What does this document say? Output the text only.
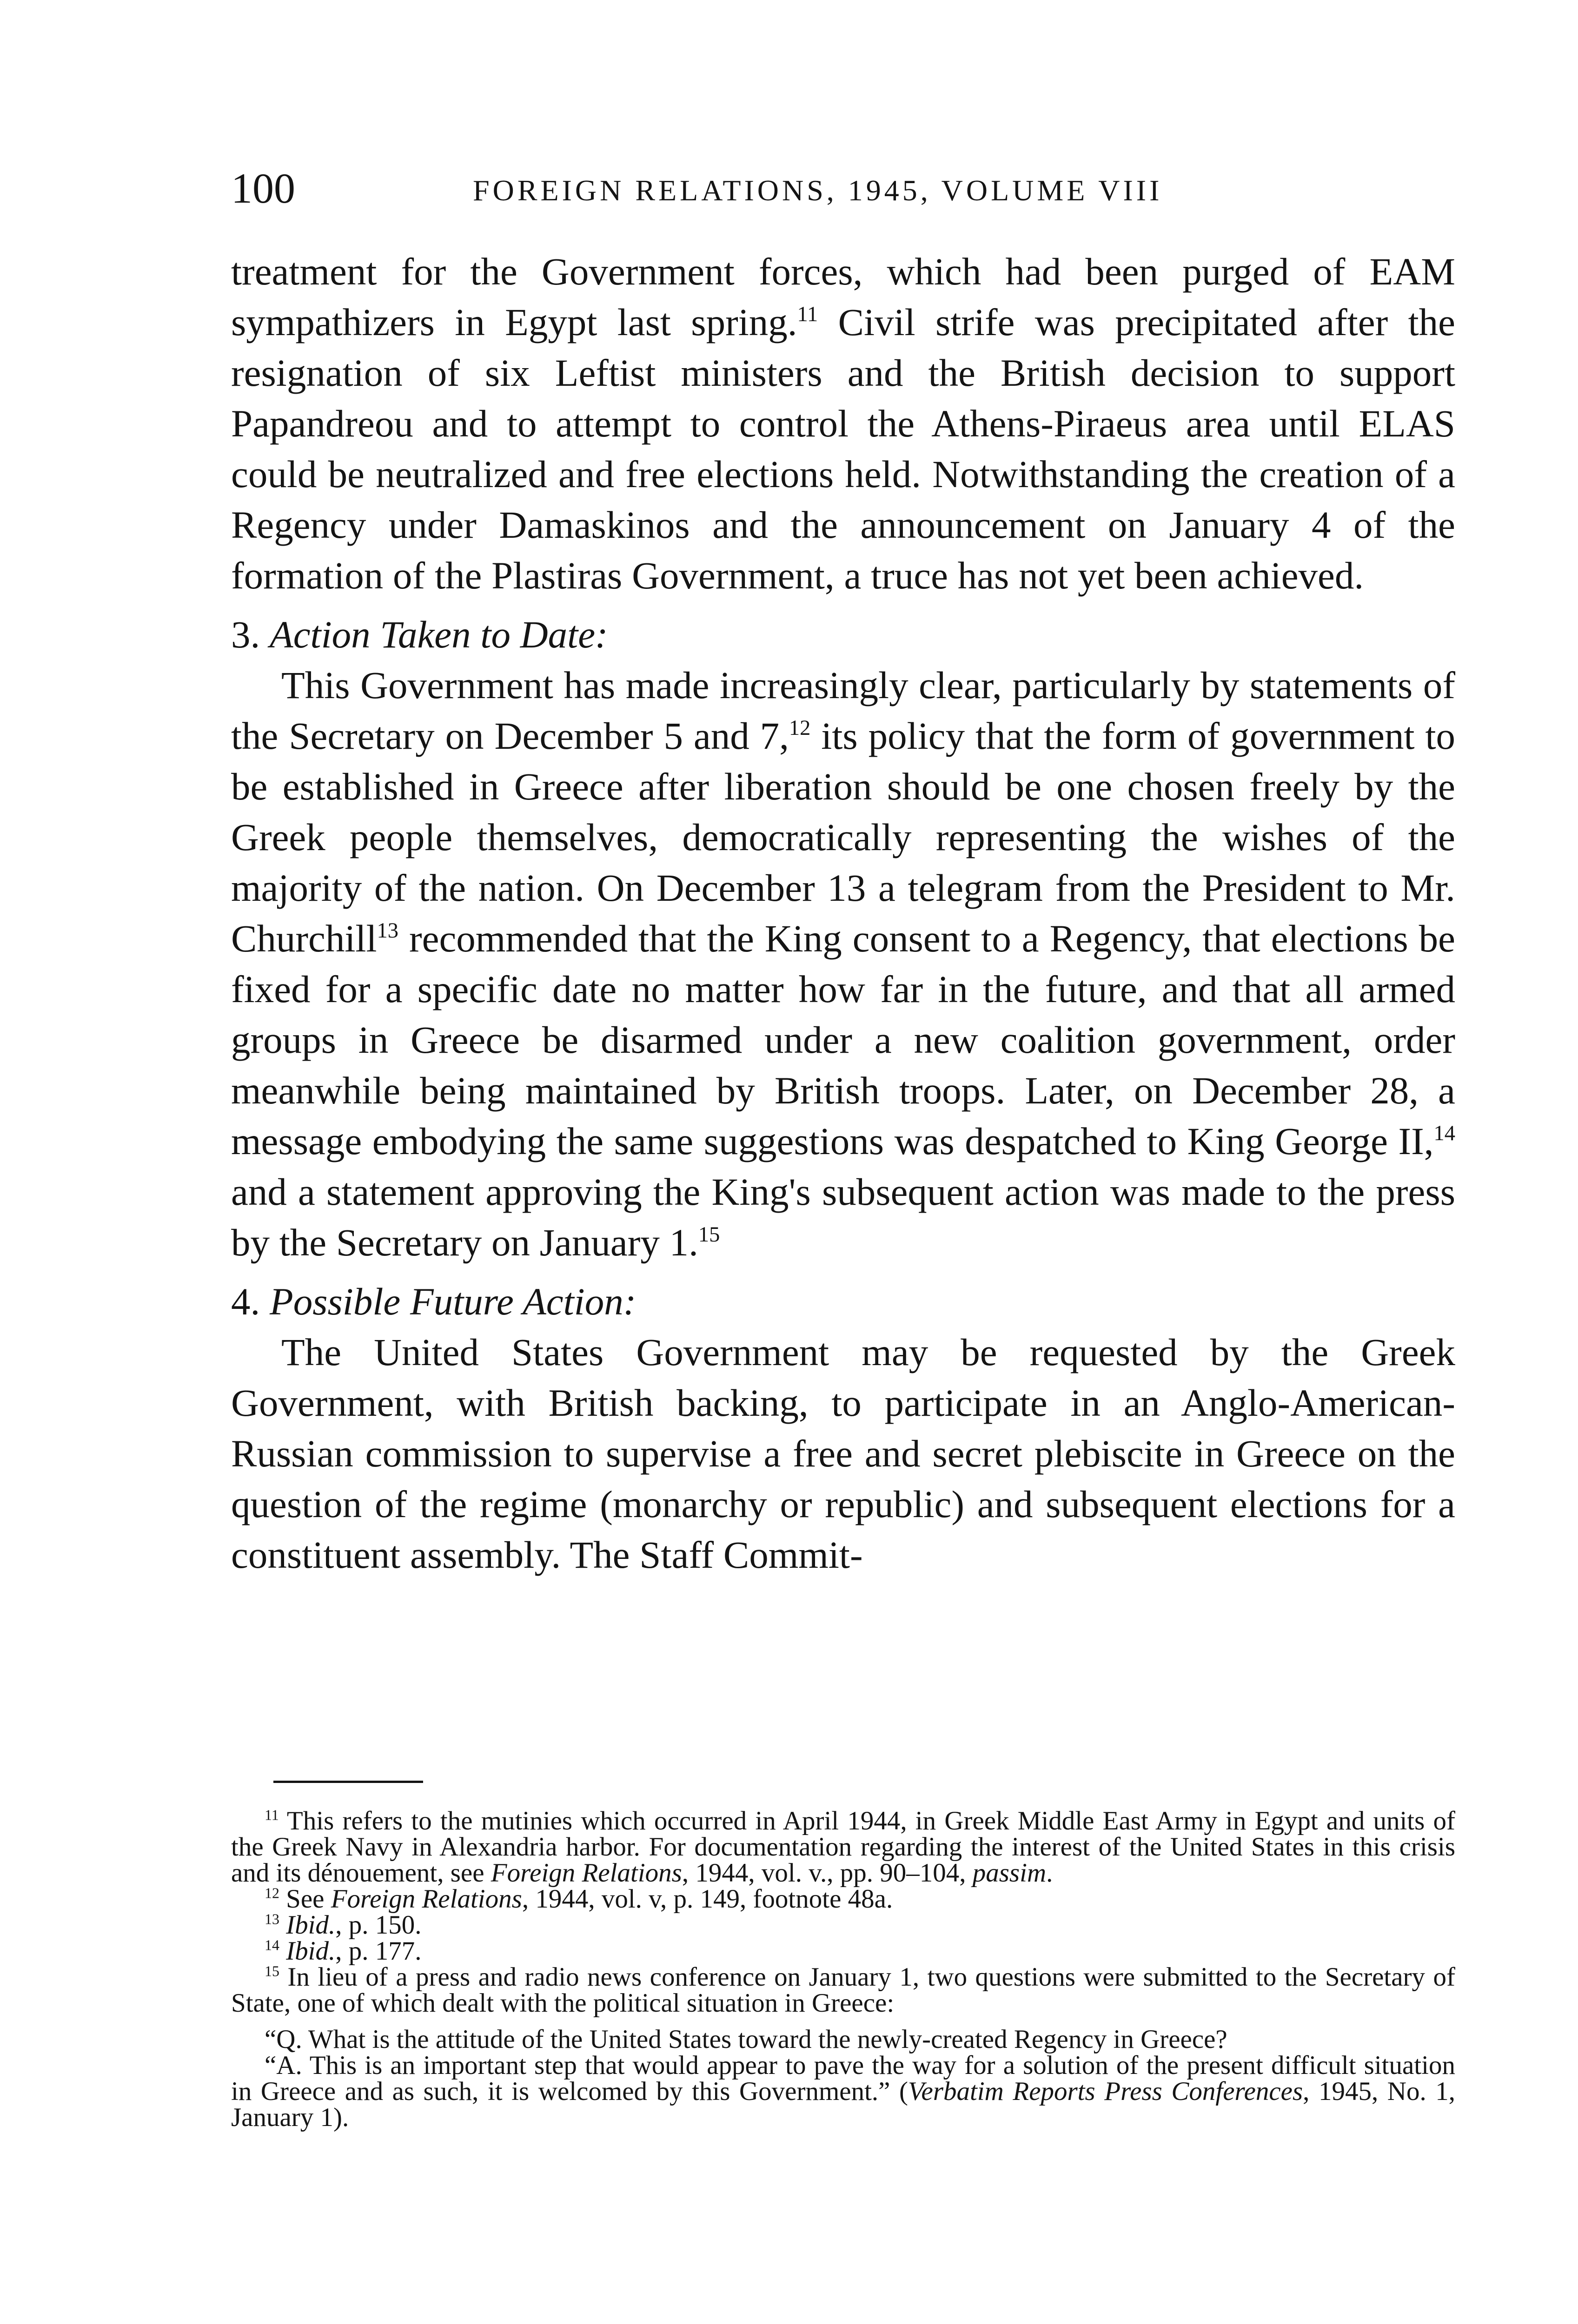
100	FOREIGN RELATIONS, 1945, VOLUME VIII

treatment for the Government forces, which had been purged of EAM sympathizers in Egypt last spring.$^{11}$ Civil strife was precipitated after the resignation of six Leftist ministers and the British decision to support Papandreou and to attempt to control the Athens-Piraeus area until ELAS could be neutralized and free elections held. Notwithstanding the creation of a Regency under Damaskinos and the announcement on January 4 of the formation of the Plastiras Government, a truce has not yet been achieved.

3. Action Taken to Date:

This Government has made increasingly clear, particularly by statements of the Secretary on December 5 and 7,12 its policy that the form of government to be established in Greece after liberation should be one chosen freely by the Greek people themselves, democratically representing the wishes of the majority of the nation. On December 13 a telegram from the President to Mr. Churchill$^{13}$ recommended that the King consent to a Regency, that elections be fixed for a specific date no matter how far in the future, and that all armed groups in Greece be disarmed under a new coalition government, order meanwhile being maintained by British troops. Later, on December 28, a message embodying the same suggestions was despatched to King George II,$^{14}$ and a statement approving the King's subsequent action was made to the press by the Secretary on January 1.15

4. Possible Future Action:

The United States Government may be requested by the Greek Government, with British backing, to participate in an Anglo-American-Russian commission to supervise a free and secret plebiscite in Greece on the question of the regime (monarchy or republic) and subsequent elections for a constituent assembly. The Staff Commit-

$^{11}$ This refers to the mutinies which occurred in April 1944, in Greek Middle East Army in Egypt and units of the Greek Navy in Alexandria harbor. For documentation regarding the interest of the United States in this crisis and its dénouement, see Foreign Relations, 1944, vol. v., pp. 90–104, passim.

$^{12}$ See Foreign Relations, 1944, vol. v, p. 149, footnote 48a.

$^{13}$ Ibid., p. 150.

$^{14}$ Ibid., p. 177.

$^{15}$ In lieu of a press and radio news conference on January 1, two questions were submitted to the Secretary of State, one of which dealt with the political situation in Greece:

“Q. What is the attitude of the United States toward the newly-created Regency in Greece?

“A. This is an important step that would appear to pave the way for a solution of the present difficult situation in Greece and as such, it is welcomed by this Government.” (Verbatim Reports Press Conferences, 1945, No. 1, January 1).
